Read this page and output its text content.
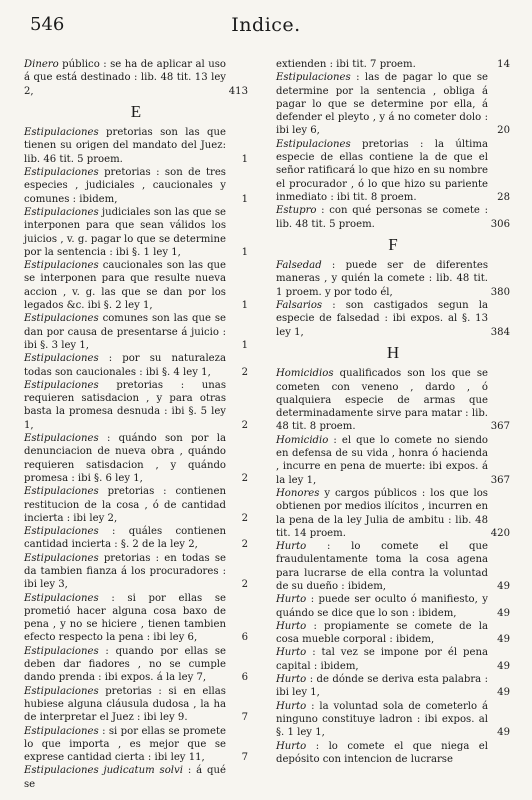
546	Indice.
Dinero público : se ha de aplicar al uso á que está destinado : lib. 48 tit. 13 ley 2,	413
E
Estipulaciones pretorias son las que tienen su origen del mandato del Juez: lib. 46 tit. 5 proem.	1
Estipulaciones pretorias : son de tres especies , judiciales , caucionales y comunes : ibidem,	1
Estipulaciones judiciales son las que se interponen para que sean válidos los juicios , v. g. pagar lo que se determine por la sentencia : ibi §. 1 ley 1,	1
Estipulaciones caucionales son las que se interponen para que resulte nueva accion , v. g. las que se dan por los legados &c. ibi §. 2 ley 1,	1
Estipulaciones comunes son las que se dan por causa de presentarse á juicio : ibi §. 3 ley 1,	1
Estipulaciones : por su naturaleza todas son caucionales : ibi §. 4 ley 1,	2
Estipulaciones pretorias : unas requieren satisdacion , y para otras basta la promesa desnuda : ibi §. 5 ley 1,	2
Estipulaciones : quándo son por la denunciacion de nueva obra , quándo requieren satisdacion , y quándo promesa : ibi §. 6 ley 1,	2
Estipulaciones pretorias : contienen restitucion de la cosa , ó de cantidad incierta : ibi ley 2,	2
Estipulaciones : quáles contienen cantidad incierta : §. 2 de la ley 2,	2
Estipulaciones pretorias : en todas se da tambien fianza á los procuradores : ibi ley 3,	2
Estipulaciones : si por ellas se prometió hacer alguna cosa baxo de pena , y no se hiciere , tienen tambien efecto respecto la pena : ibi ley 6,	6
Estipulaciones : quando por ellas se deben dar fiadores , no se cumple dando prenda : ibi expos. á la ley 7,	6
Estipulaciones pretorias : si en ellas hubiese alguna cláusula dudosa , la ha de interpretar el Juez : ibi ley 9.	7
Estipulaciones : si por ellas se promete lo que importa , es mejor que se exprese cantidad cierta : ibi ley 11,	7
Estipulaciones judicatum solvi : á qué se
extienden : ibi tit. 7 proem.	14
Estipulaciones : las de pagar lo que se determine por la sentencia , obliga á pagar lo que se determine por ella, á defender el pleyto , y á no cometer dolo : ibi ley 6,	20
Estipulaciones pretorias : la última especie de ellas contiene la de que el señor ratificará lo que hizo en su nombre el procurador , ó lo que hizo su pariente inmediato : ibi tit. 8 proem.	28
Estupro : con qué personas se comete : lib. 48 tit. 5 proem.	306
F
Falsedad : puede ser de diferentes maneras , y quién la comete : lib. 48 tit. 1 proem. y por todo él,	380
Falsarios : son castigados segun la especie de falsedad : ibi expos. al §. 13 ley 1,	384
H
Homicidios qualificados son los que se cometen con veneno , dardo , ó qualquiera especie de armas que determinadamente sirve para matar : lib. 48 tit. 8 proem.	367
Homicidio : el que lo comete no siendo en defensa de su vida , honra ó hacienda , incurre en pena de muerte: ibi expos. á la ley 1,	367
Honores y cargos públicos : los que los obtienen por medios ilícitos , incurren en la pena de la ley Julia de ambitu : lib. 48 tit. 14 proem.	420
Hurto : lo comete el que fraudulentamente toma la cosa agena para lucrarse de ella contra la voluntad de su dueño : ibidem,	49
Hurto : puede ser oculto ó manifiesto, y quándo se dice que lo son : ibidem,	49
Hurto : propiamente se comete de la cosa mueble corporal : ibidem,	49
Hurto : tal vez se impone por él pena capital : ibidem,	49
Hurto : de dónde se deriva esta palabra : ibi ley 1,	49
Hurto : la voluntad sola de cometerlo á ninguno constituye ladron : ibi expos. al §. 1 ley 1,	49
Hurto : lo comete el que niega el depósito con intencion de lucrarse
